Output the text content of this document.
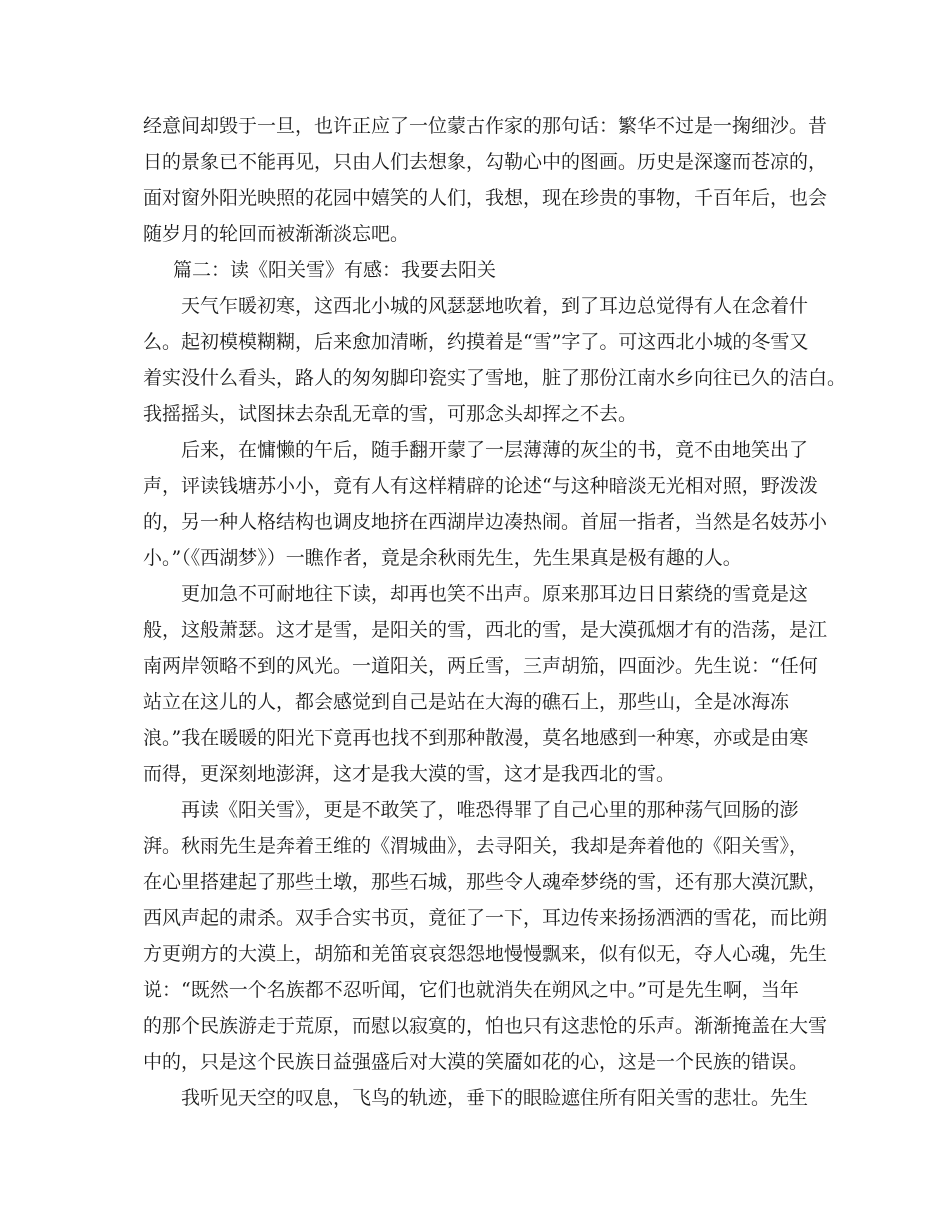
经意间却毁于一旦，也许正应了一位蒙古作家的那句话：繁华不过是一掬细沙。昔
日的景象已不能再见，只由人们去想象，勾勒心中的图画。历史是深邃而苍凉的，
面对窗外阳光映照的花园中嬉笑的人们，我想，现在珍贵的事物，千百年后，也会
随岁月的轮回而被渐渐淡忘吧。
篇二：读《阳关雪》有感：我要去阳关
天气乍暖初寒，这西北小城的风瑟瑟地吹着，到了耳边总觉得有人在念着什
么。起初模模糊糊，后来愈加清晰，约摸着是“雪”字了。可这西北小城的冬雪又
着实没什么看头，路人的匆匆脚印瓷实了雪地，脏了那份江南水乡向往已久的洁白。
我摇摇头，试图抹去杂乱无章的雪，可那念头却挥之不去。
后来，在慵懒的午后，随手翻开蒙了一层薄薄的灰尘的书，竟不由地笑出了
声，评读钱塘苏小小，竟有人有这样精辟的论述“与这种暗淡无光相对照，野泼泼
的，另一种人格结构也调皮地挤在西湖岸边凑热闹。首屈一指者，当然是名妓苏小
小。”（《西湖梦》）一瞧作者，竟是余秋雨先生，先生果真是极有趣的人。
更加急不可耐地往下读，却再也笑不出声。原来那耳边日日萦绕的雪竟是这
般，这般萧瑟。这才是雪，是阳关的雪，西北的雪，是大漠孤烟才有的浩荡，是江
南两岸领略不到的风光。一道阳关，两丘雪，三声胡笳，四面沙。先生说：“任何
站立在这儿的人，都会感觉到自己是站在大海的礁石上，那些山，全是冰海冻
浪。”我在暖暖的阳光下竟再也找不到那种散漫，莫名地感到一种寒，亦或是由寒
而得，更深刻地澎湃，这才是我大漠的雪，这才是我西北的雪。
再读《阳关雪》，更是不敢笑了，唯恐得罪了自己心里的那种荡气回肠的澎
湃。秋雨先生是奔着王维的《渭城曲》，去寻阳关，我却是奔着他的《阳关雪》，
在心里搭建起了那些土墩，那些石城，那些令人魂牵梦绕的雪，还有那大漠沉默，
西风声起的肃杀。双手合实书页，竟征了一下，耳边传来扬扬洒洒的雪花，而比朔
方更朔方的大漠上，胡笳和羌笛哀哀怨怨地慢慢飘来，似有似无，夺人心魂，先生
说：“既然一个名族都不忍听闻，它们也就消失在朔风之中。”可是先生啊，当年
的那个民族游走于荒原，而慰以寂寞的，怕也只有这悲怆的乐声。渐渐掩盖在大雪
中的，只是这个民族日益强盛后对大漠的笑靥如花的心，这是一个民族的错误。
我听见天空的叹息，飞鸟的轨迹，垂下的眼睑遮住所有阳关雪的悲壮。先生
